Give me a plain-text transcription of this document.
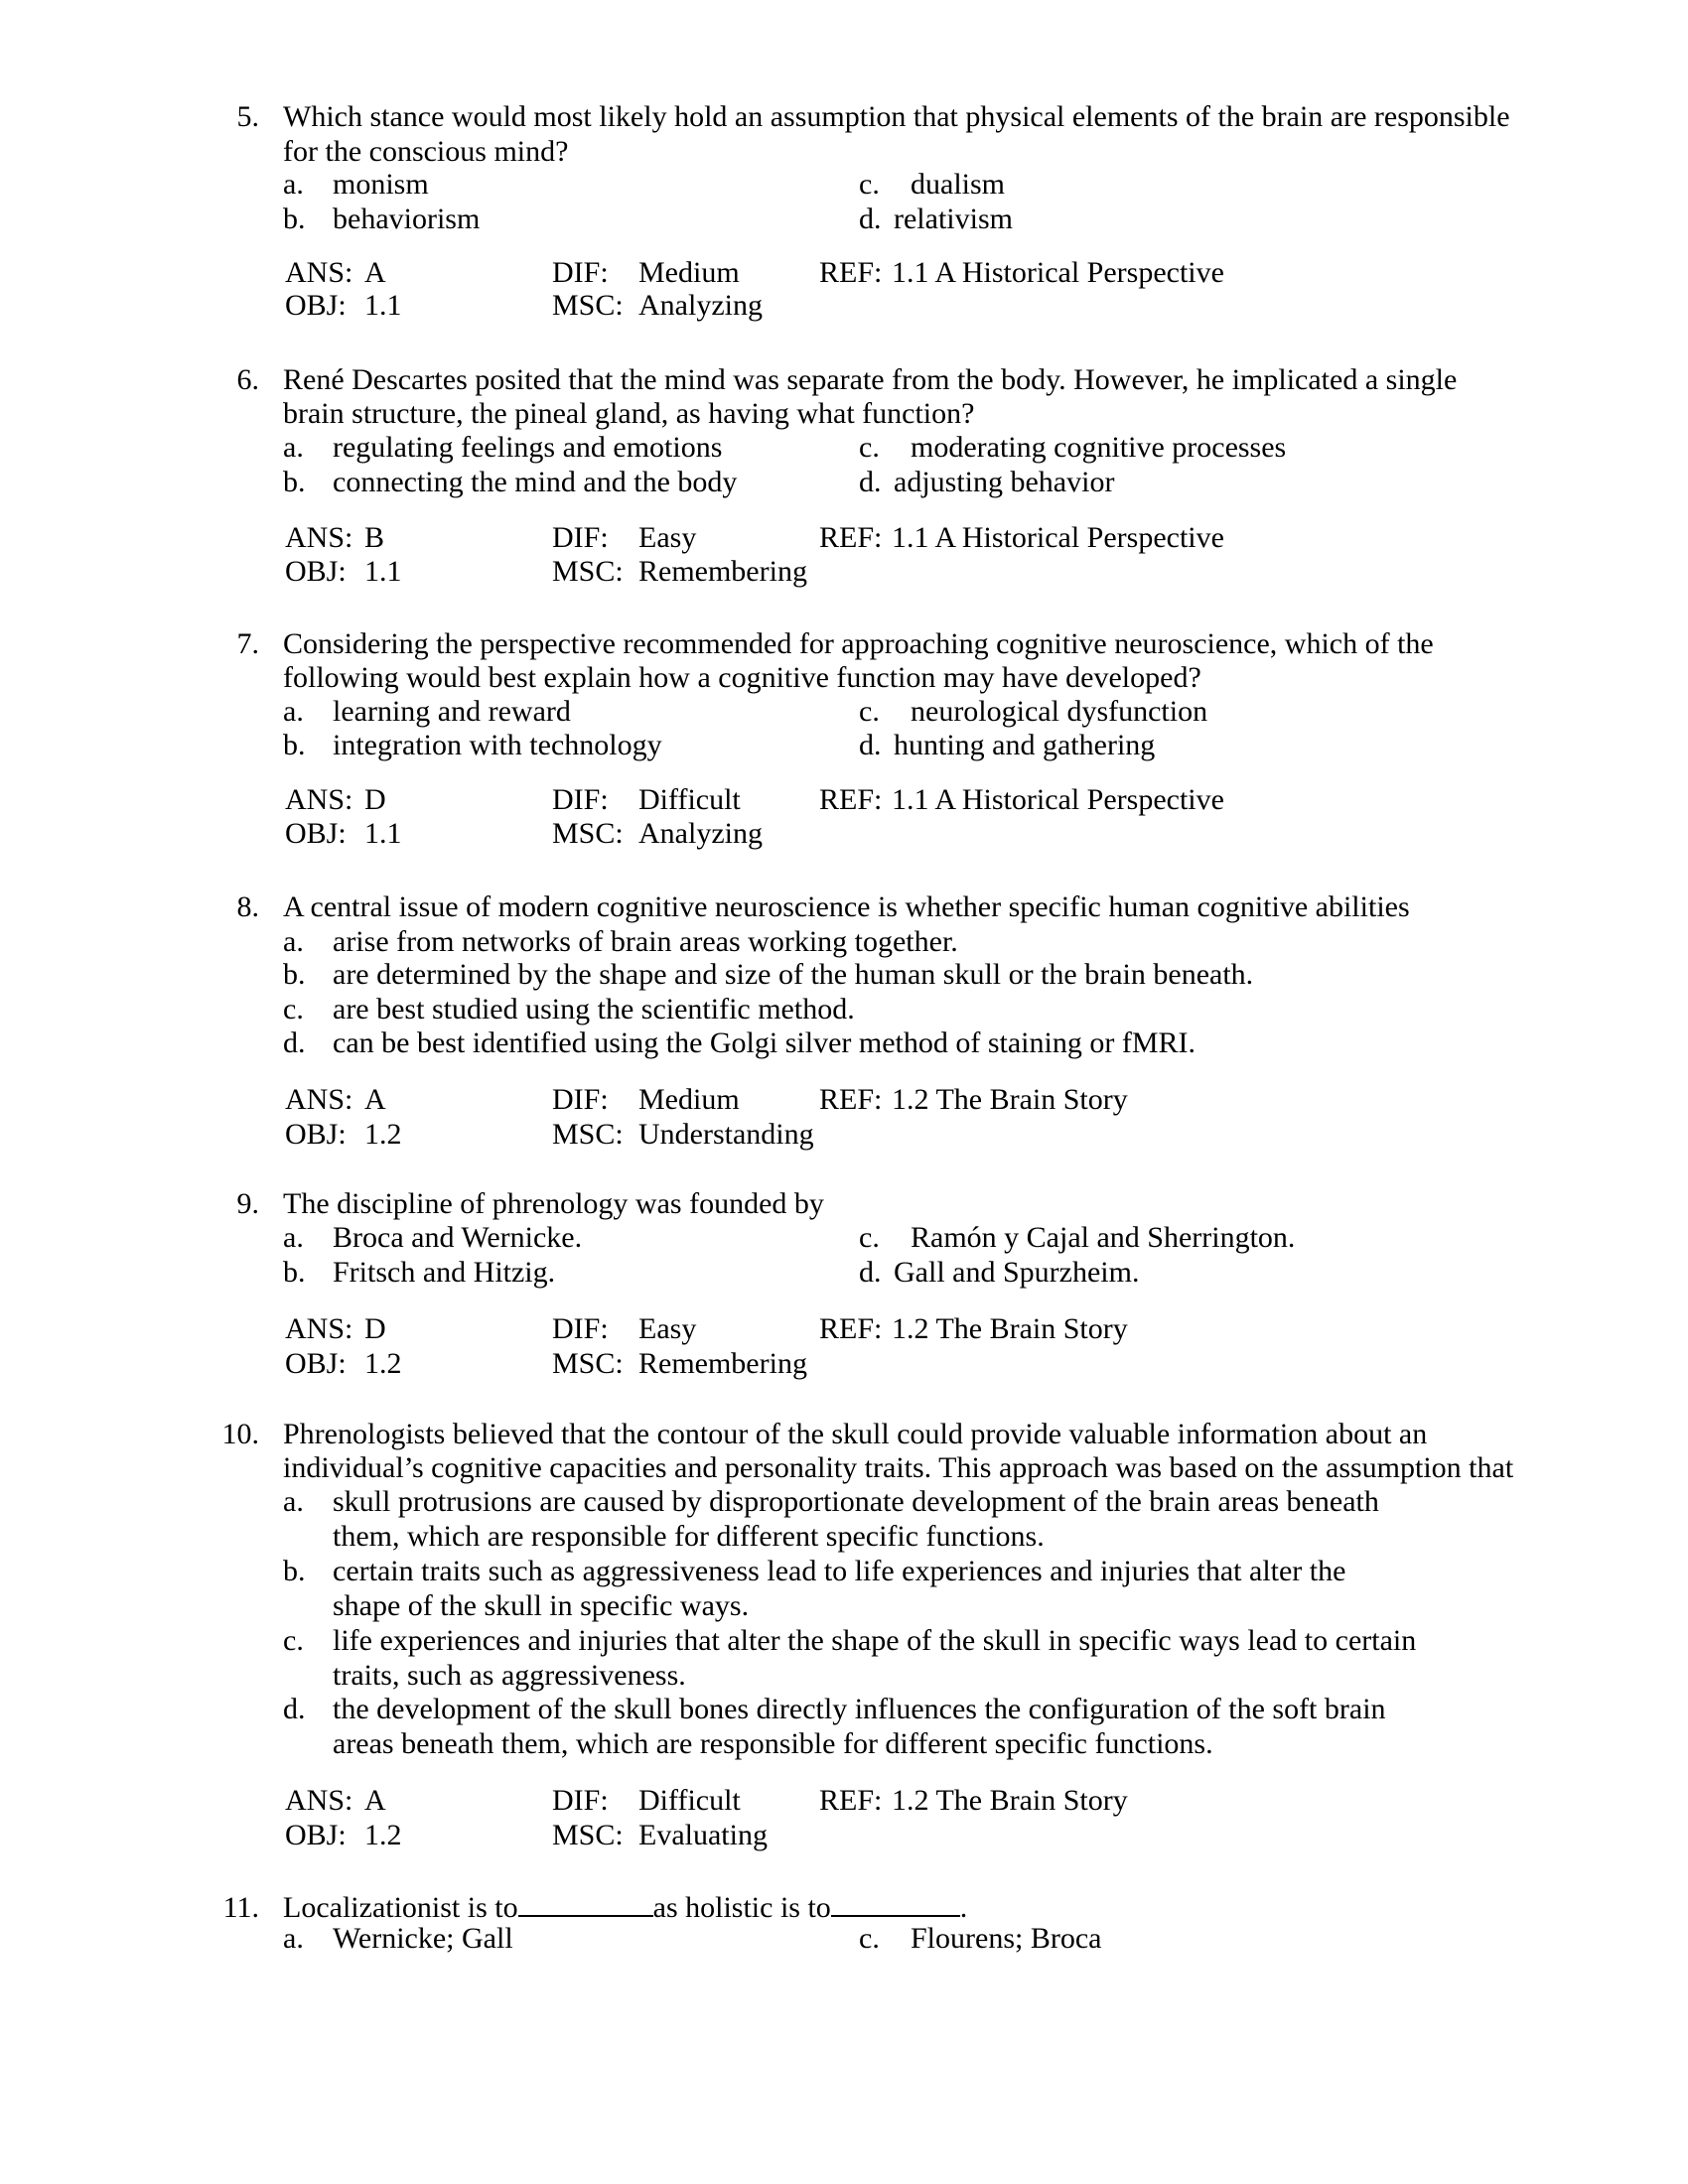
5. Which stance would most likely hold an assumption that physical elements of the brain are responsible
for the conscious mind?
a. monism
b. behaviorism
c. dualism
d. relativism
ANS: A	DIF: Medium	REF: 1.1 A Historical Perspective
OBJ: 1.1	MSC: Analyzing
6. René Descartes posited that the mind was separate from the body. However, he implicated a single
brain structure, the pineal gland, as having what function?
a. regulating feelings and emotions
b. connecting the mind and the body
c. moderating cognitive processes
d. adjusting behavior
ANS: B	DIF: Easy	REF: 1.1 A Historical Perspective
OBJ: 1.1	MSC: Remembering
7. Considering the perspective recommended for approaching cognitive neuroscience, which of the
following would best explain how a cognitive function may have developed?
a. learning and reward
b. integration with technology
c. neurological dysfunction
d. hunting and gathering
ANS: D	DIF: Difficult	REF: 1.1 A Historical Perspective
OBJ: 1.1	MSC: Analyzing
8. A central issue of modern cognitive neuroscience is whether specific human cognitive abilities
a. arise from networks of brain areas working together.
b. are determined by the shape and size of the human skull or the brain beneath.
c. are best studied using the scientific method.
d. can be best identified using the Golgi silver method of staining or fMRI.
ANS: A	DIF: Medium	REF: 1.2 The Brain Story
OBJ: 1.2	MSC: Understanding
9. The discipline of phrenology was founded by
a. Broca and Wernicke.
b. Fritsch and Hitzig.
c. Ramón y Cajal and Sherrington.
d. Gall and Spurzheim.
ANS: D	DIF: Easy	REF: 1.2 The Brain Story
OBJ: 1.2	MSC: Remembering
10. Phrenologists believed that the contour of the skull could provide valuable information about an
individual’s cognitive capacities and personality traits. This approach was based on the assumption that
a. skull protrusions are caused by disproportionate development of the brain areas beneath
them, which are responsible for different specific functions.
b. certain traits such as aggressiveness lead to life experiences and injuries that alter the
shape of the skull in specific ways.
c. life experiences and injuries that alter the shape of the skull in specific ways lead to certain
traits, such as aggressiveness.
d. the development of the skull bones directly influences the configuration of the soft brain
areas beneath them, which are responsible for different specific functions.
ANS: A	DIF: Difficult	REF: 1.2 The Brain Story
OBJ: 1.2	MSC: Evaluating
11. Localizationist is to	as holistic is to	.
a. Wernicke; Gall	c. Flourens; Broca
